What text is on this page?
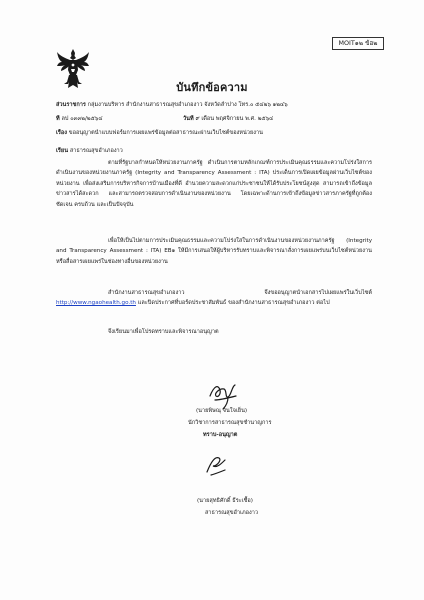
MOIT๑๒ ข้อ๒
บันทึกข้อความ
ส่วนราชการ กลุ่มงานบริหาร สำนักงานสาธารณสุขอำเภองาว จังหวัดลำปาง โทร.๐ ๕๔๒๖ ๑๒๔๖
ที่ ลป ๐๓๓๒/๒๕๖๔	วันที่ ๙ เดือน พฤศจิกายน พ.ศ. ๒๕๖๔
เรื่อง ขออนุญาตนำแบบฟอร์มการเผยแพร่ข้อมูลต่อสาธารณะผ่านเว็บไซต์ของหน่วยงาน
เรียน สาธารณสุขอำเภองาว
ตามที่รัฐบาลกำหนดให้หน่วยงานภาครัฐ ดำเนินการตามหลักเกณฑ์การประเมินคุณธรรมและความโปร่งใสการดำเนินงานของหน่วยงานภาครัฐ (Integrity and Transparency Assessment : ITA) ประเด็นการเปิดเผยข้อมูลผ่านเว็บไซต์ของหน่วยงาน เพื่อส่งเสริมการบริหารกิจการบ้านเมืองที่ดี อำนวยความสะดวกแก่ประชาชนให้ได้รับประโยชน์สูงสุด สามารถเข้าถึงข้อมูลข่าวสารได้สะดวก และสามารถตรวจสอบการดำเนินงานของหน่วยงาน โดยเฉพาะด้านการเข้าถึงข้อมูลข่าวสารภาครัฐที่ถูกต้อง ชัดเจน ครบถ้วน และเป็นปัจจุบัน
เพื่อให้เป็นไปตามการประเมินคุณธรรมและความโปร่งใสในการดำเนินงานของหน่วยงานภาครัฐ (Integrity and Transparency Assessment : ITA) EB๑ ให้มีการเสนอให้ผู้บริหารรับทราบและพิจารณาสั่งการเผยแพร่บนเว็บไซต์หน่วยงานหรือสื่อสารเผยแพร่ในช่องทางอื่นของหน่วยงาน
สำนักงานสาธารณสุขอำเภองาว จึงขออนุญาตนำเอกสารไปเผยแพร่ในเว็บไซต์ http://www.ngaohealth.go.th และปิดประกาศที่บอร์ดประชาสัมพันธ์ ของสำนักงานสาธารณสุขอำเภองาว ต่อไป
จึงเรียนมาเพื่อโปรดทราบและพิจารณาอนุญาต
(นายพิษณุ จินใจเย็น)
นักวิชาการสาธารณสุขชำนาญการ
ทราบ-อนุญาต
(นายสุทธิศักดิ์ ธีระเชื้อ)
สาธารณสุขอำเภองาว
